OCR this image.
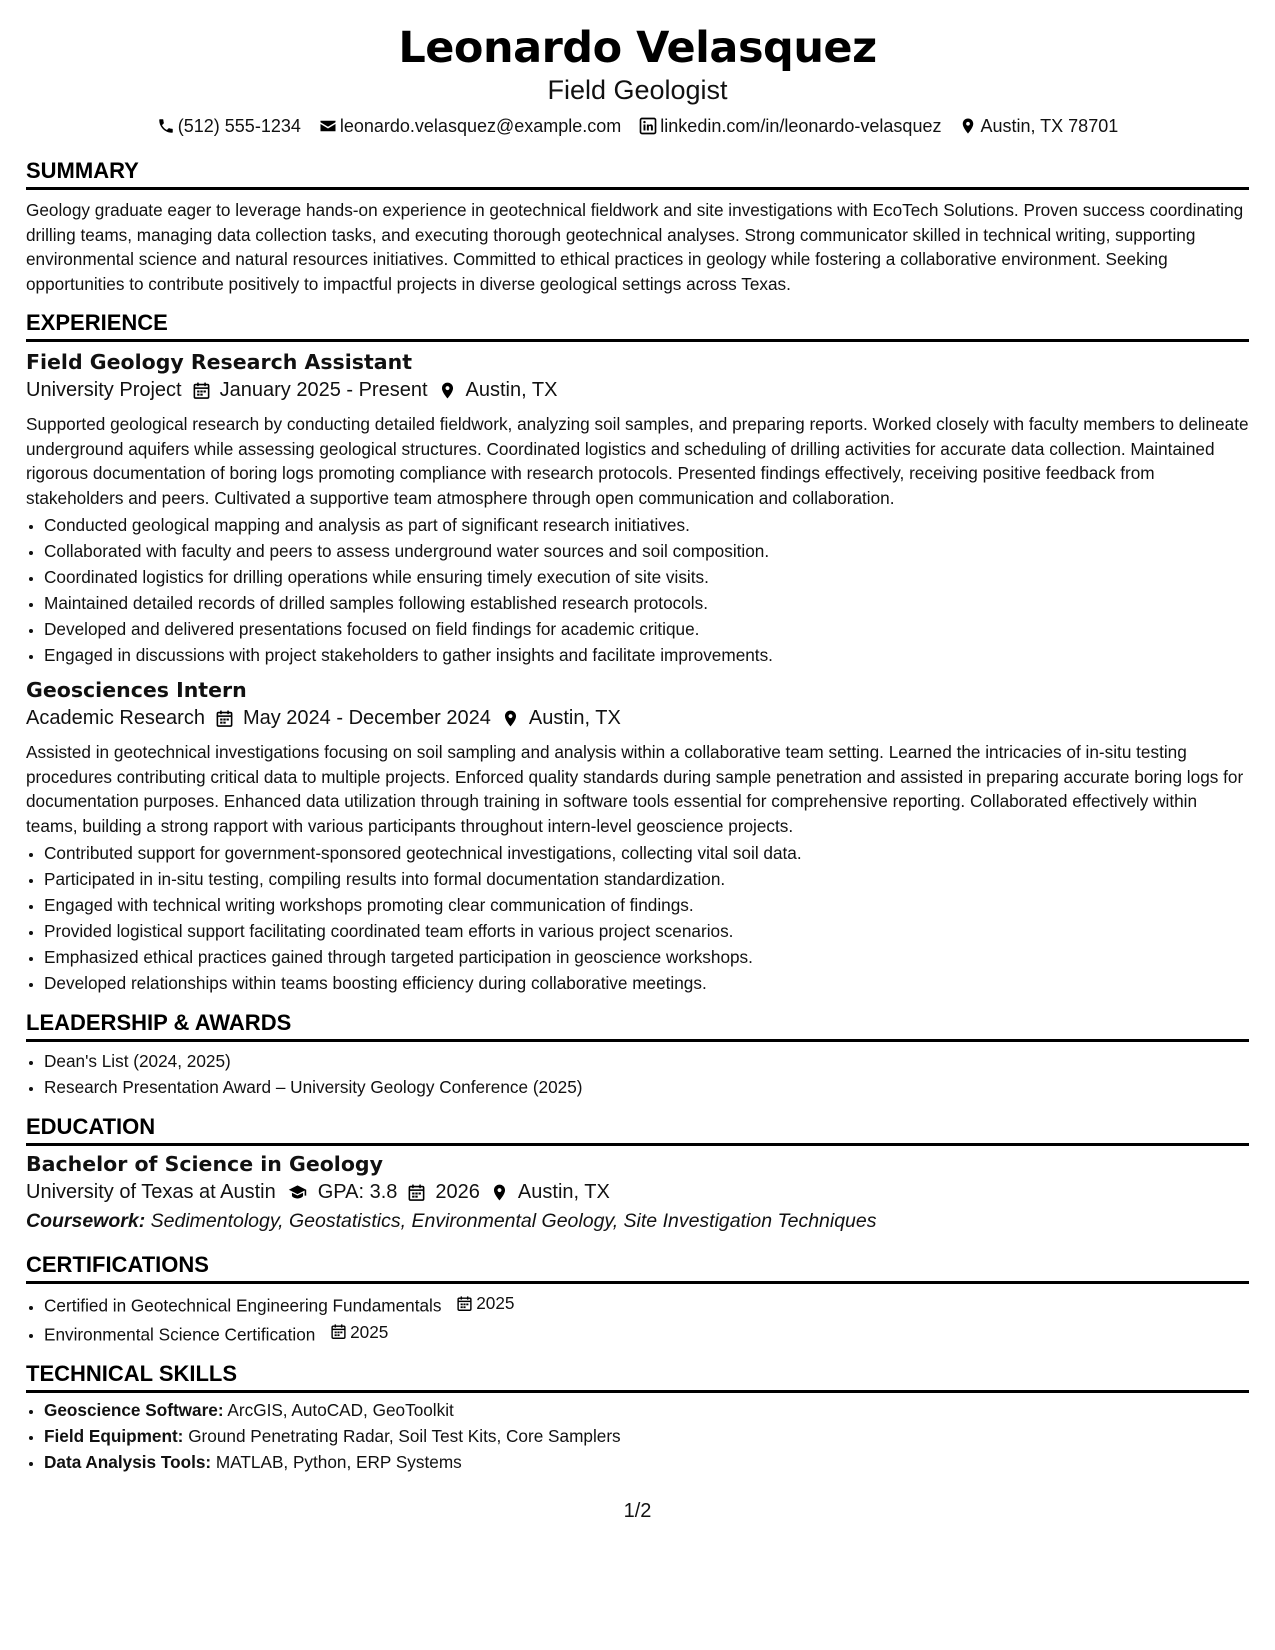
Leonardo Velasquez
Field Geologist
(512) 555-1234 leonardo.velasquez@example.com linkedin.com/in/leonardo-velasquez Austin, TX 78701
SUMMARY

Geology graduate eager to leverage hands-on experience in geotechnical fieldwork and site investigations with EcoTech Solutions. Proven success coordinating drilling teams, managing data collection tasks, and executing thorough geotechnical analyses. Strong communicator skilled in technical writing, supporting environmental science and natural resources initiatives. Committed to ethical practices in geology while fostering a collaborative environment. Seeking opportunities to contribute positively to impactful projects in diverse geological settings across Texas.

EXPERIENCE
Field Geology Research Assistant
University Project January 2025 - Present Austin, TX

Supported geological research by conducting detailed fieldwork, analyzing soil samples, and preparing reports. Worked closely with faculty members to delineate underground aquifers while assessing geological structures. Coordinated logistics and scheduling of drilling activities for accurate data collection. Maintained rigorous documentation of boring logs promoting compliance with research protocols. Presented findings effectively, receiving positive feedback from stakeholders and peers. Cultivated a supportive team atmosphere through open communication and collaboration.

• Conducted geological mapping and analysis as part of significant research initiatives.
• Collaborated with faculty and peers to assess underground water sources and soil composition.
• Coordinated logistics for drilling operations while ensuring timely execution of site visits.
• Maintained detailed records of drilled samples following established research protocols.
• Developed and delivered presentations focused on field findings for academic critique.
• Engaged in discussions with project stakeholders to gather insights and facilitate improvements.
Geosciences Intern
Academic Research May 2024 - December 2024 Austin, TX

Assisted in geotechnical investigations focusing on soil sampling and analysis within a collaborative team setting. Learned the intricacies of in-situ testing procedures contributing critical data to multiple projects. Enforced quality standards during sample penetration and assisted in preparing accurate boring logs for documentation purposes. Enhanced data utilization through training in software tools essential for comprehensive reporting. Collaborated effectively within teams, building a strong rapport with various participants throughout intern-level geoscience projects.

• Contributed support for government-sponsored geotechnical investigations, collecting vital soil data.
• Participated in in-situ testing, compiling results into formal documentation standardization.
• Engaged with technical writing workshops promoting clear communication of findings.
• Provided logistical support facilitating coordinated team efforts in various project scenarios.
• Emphasized ethical practices gained through targeted participation in geoscience workshops.
• Developed relationships within teams boosting efficiency during collaborative meetings.
LEADERSHIP & AWARDS
• Dean's List (2024, 2025)
• Research Presentation Award – University Geology Conference (2025)
EDUCATION
Bachelor of Science in Geology
University of Texas at Austin GPA: 3.8 2026 Austin, TX
Coursework: Sedimentology, Geostatistics, Environmental Geology, Site Investigation Techniques
CERTIFICATIONS
• Certified in Geotechnical Engineering Fundamentals 2025
• Environmental Science Certification 2025
TECHNICAL SKILLS
• Geoscience Software: ArcGIS, AutoCAD, GeoToolkit
• Field Equipment: Ground Penetrating Radar, Soil Test Kits, Core Samplers
• Data Analysis Tools: MATLAB, Python, ERP Systems
1/2
